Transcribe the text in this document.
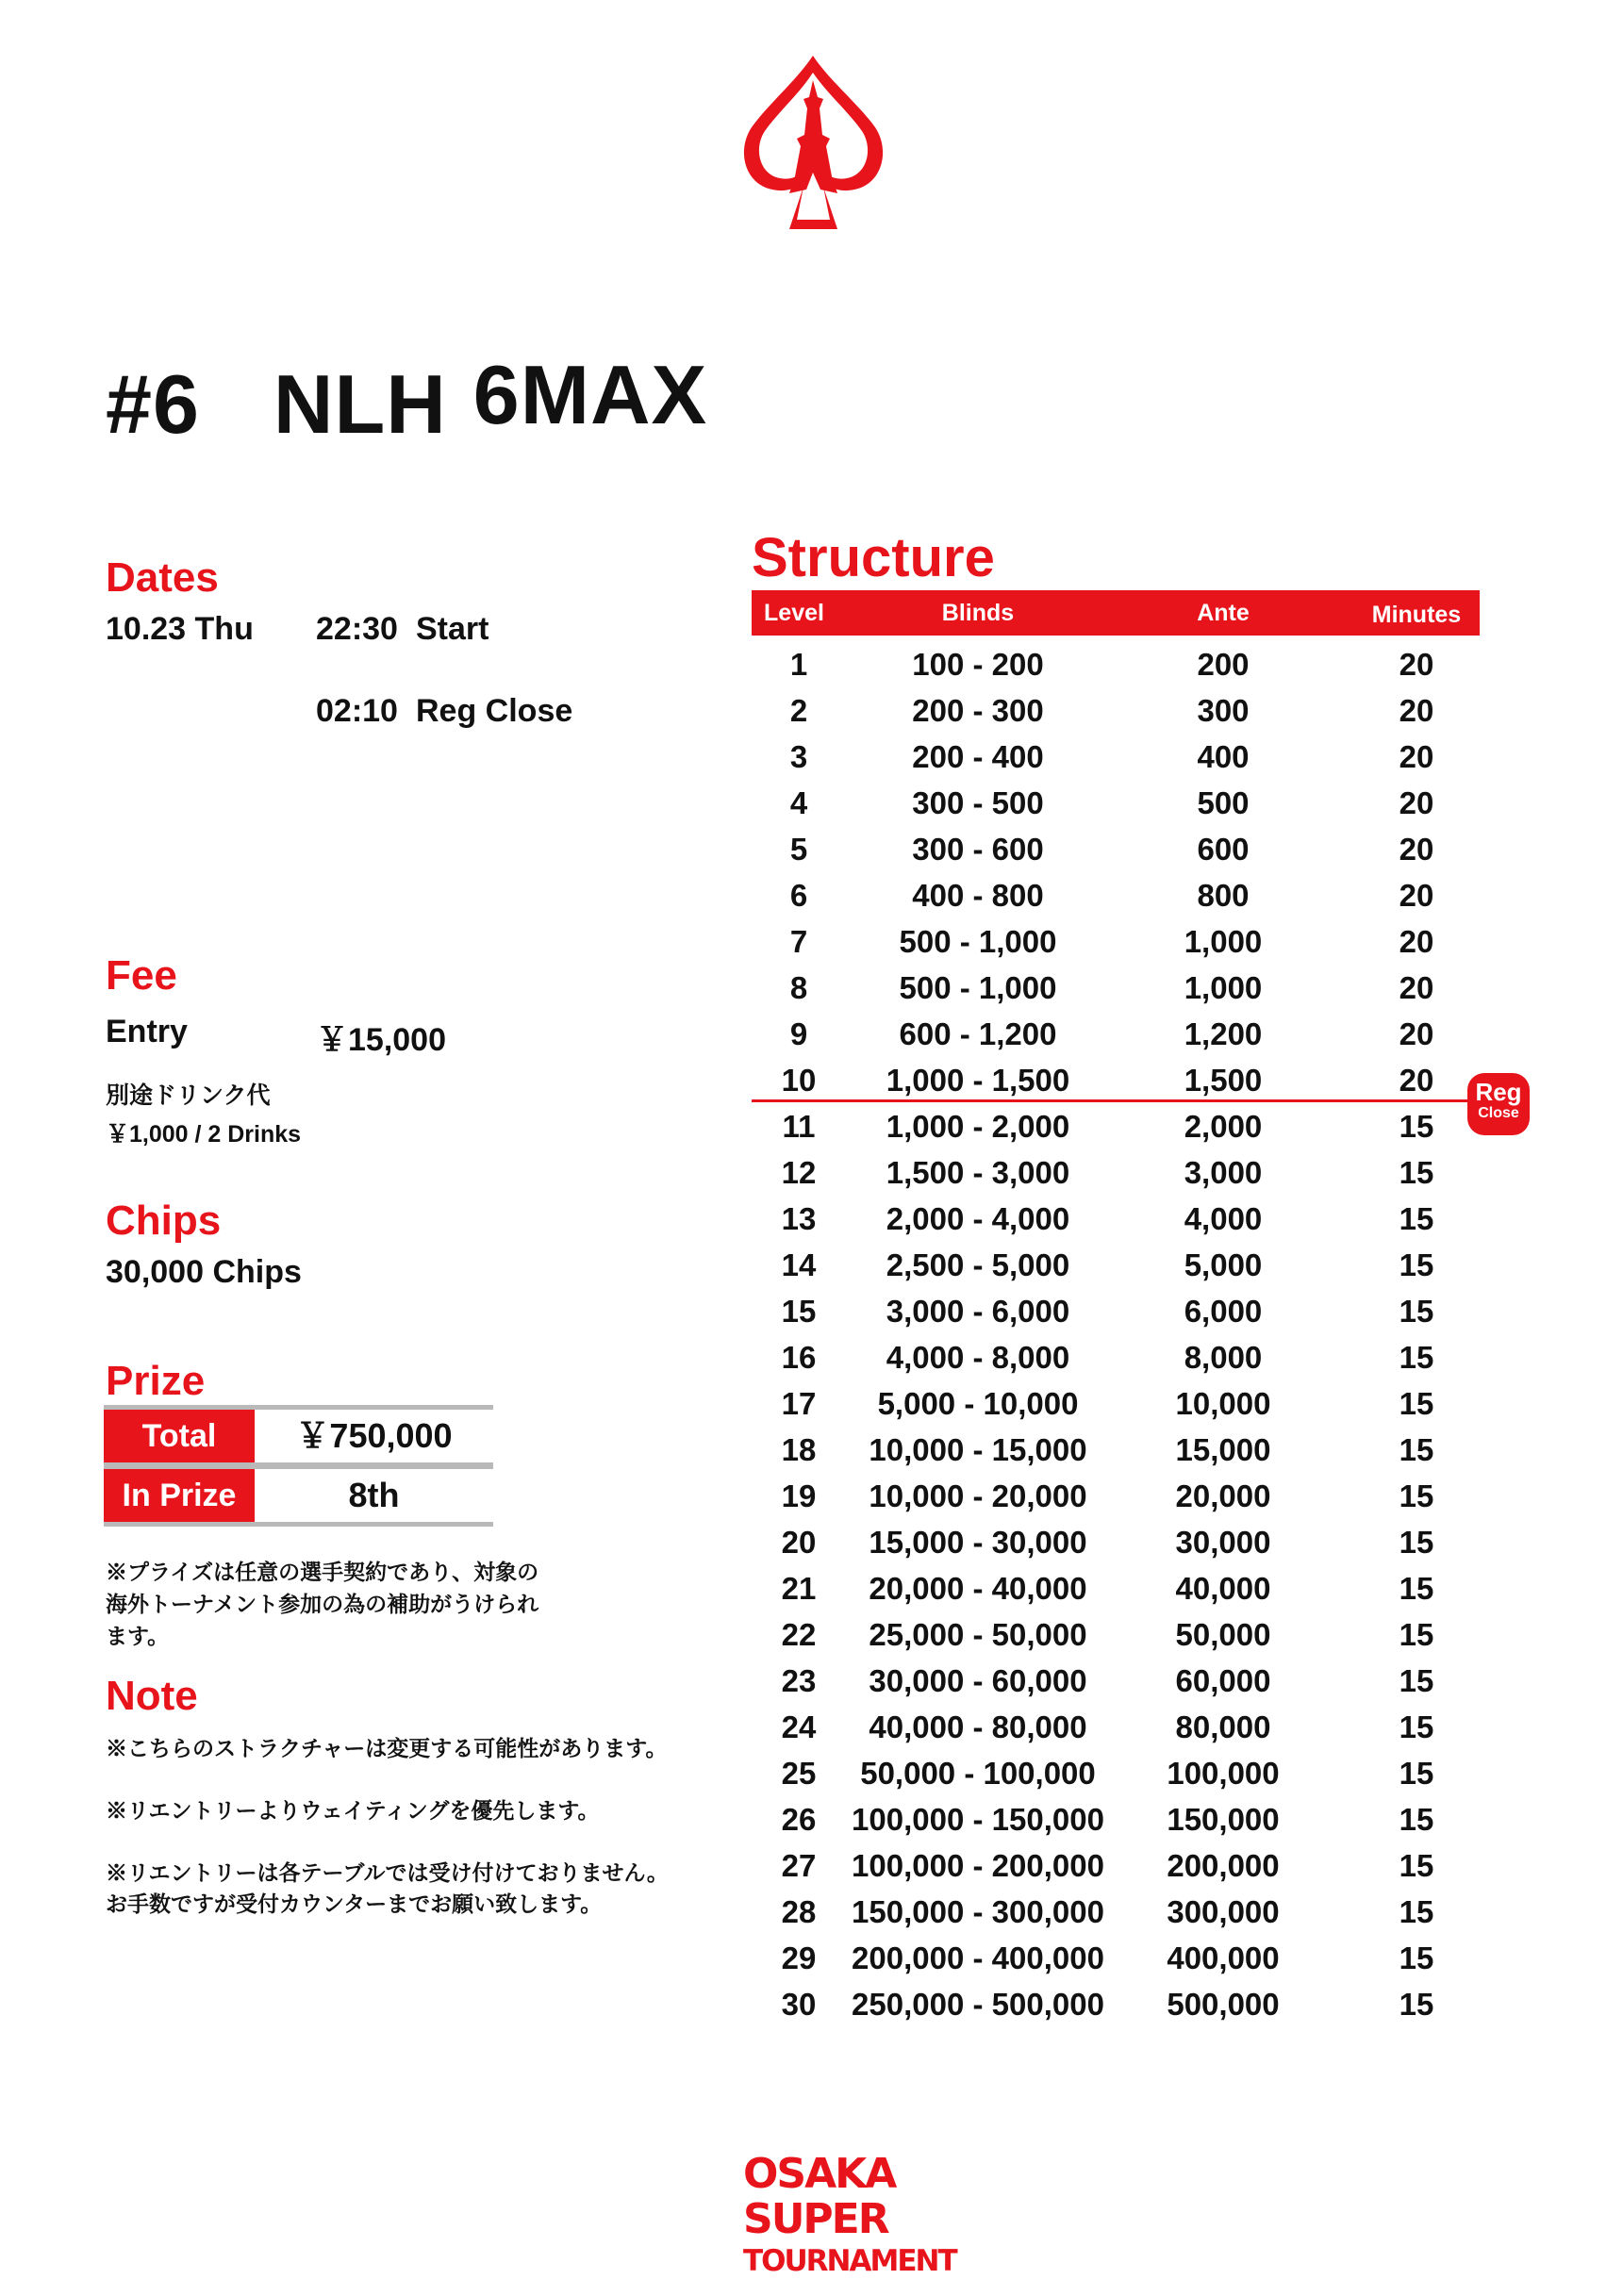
#6 NLH 6MAX
Dates
10.23 Thu 22:30 Start
02:10 Reg Close
Fee
Entry	￥15,000
別途ドリンク代
￥1,000 / 2 Drinks
Chips
30,000 Chips
Prize
Total	￥750,000
In Prize	8th
※プライズは任意の選手契約であり、対象の
海外トーナメント参加の為の補助がうけられ
ます。
Note
※こちらのストラクチャーは変更する可能性があります。
※リエントリーよりウェイティングを優先します。
※リエントリーは各テーブルでは受け付けておりません。
お手数ですが受付カウンターまでお願い致します。
Structure
Level	Blinds	Ante	Minutes
1	100 - 200	200	20
2	200 - 300	300	20
3	200 - 400	400	20
4	300 - 500	500	20
5	300 - 600	600	20
6	400 - 800	800	20
7	500 - 1,000	1,000	20
8	500 - 1,000	1,000	20
9	600 - 1,200	1,200	20
10	1,000 - 1,500	1,500	20
11	1,000 - 2,000	2,000	15
12	1,500 - 3,000	3,000	15
13	2,000 - 4,000	4,000	15
14	2,500 - 5,000	5,000	15
15	3,000 - 6,000	6,000	15
16	4,000 - 8,000	8,000	15
17	5,000 - 10,000	10,000	15
18	10,000 - 15,000	15,000	15
19	10,000 - 20,000	20,000	15
20	15,000 - 30,000	30,000	15
21	20,000 - 40,000	40,000	15
22	25,000 - 50,000	50,000	15
23	30,000 - 60,000	60,000	15
24	40,000 - 80,000	80,000	15
25	50,000 - 100,000	100,000	15
26	100,000 - 150,000	150,000	15
27	100,000 - 200,000	200,000	15
28	150,000 - 300,000	300,000	15
29	200,000 - 400,000	400,000	15
30	250,000 - 500,000	500,000	15
Reg
Close
OSAKA
SUPER
TOURNAMENT
